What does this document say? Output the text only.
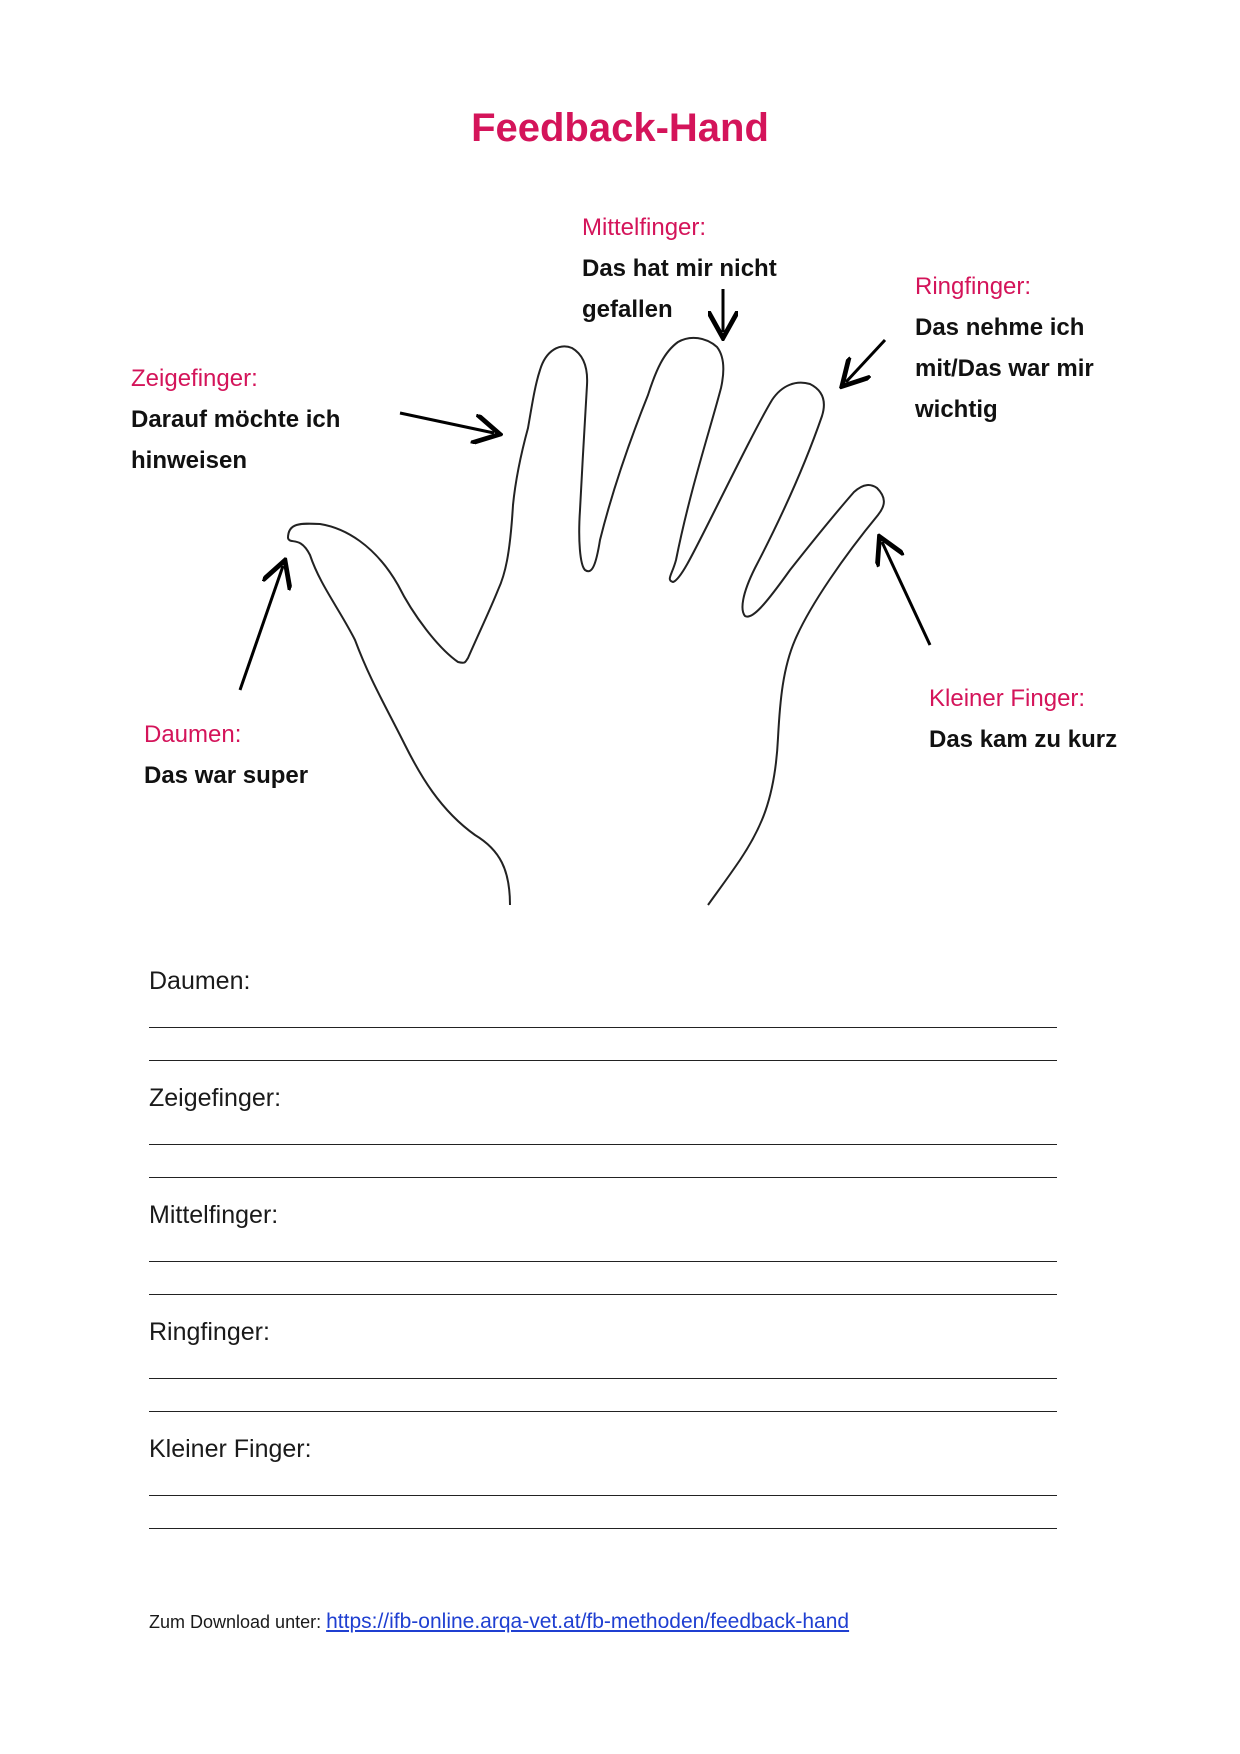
Feedback-Hand
Mittelfinger:
Das hat mir nicht
gefallen
Ringfinger:
Das nehme ich
mit/Das war mir
wichtig
Zeigefinger:
Darauf möchte ich
hinweisen
Daumen:
Das war super
Kleiner Finger:
Das kam zu kurz
Daumen:
Zeigefinger:
Mittelfinger:
Ringfinger:
Kleiner Finger:
Zum Download unter: https://ifb-online.arqa-vet.at/fb-methoden/feedback-hand
